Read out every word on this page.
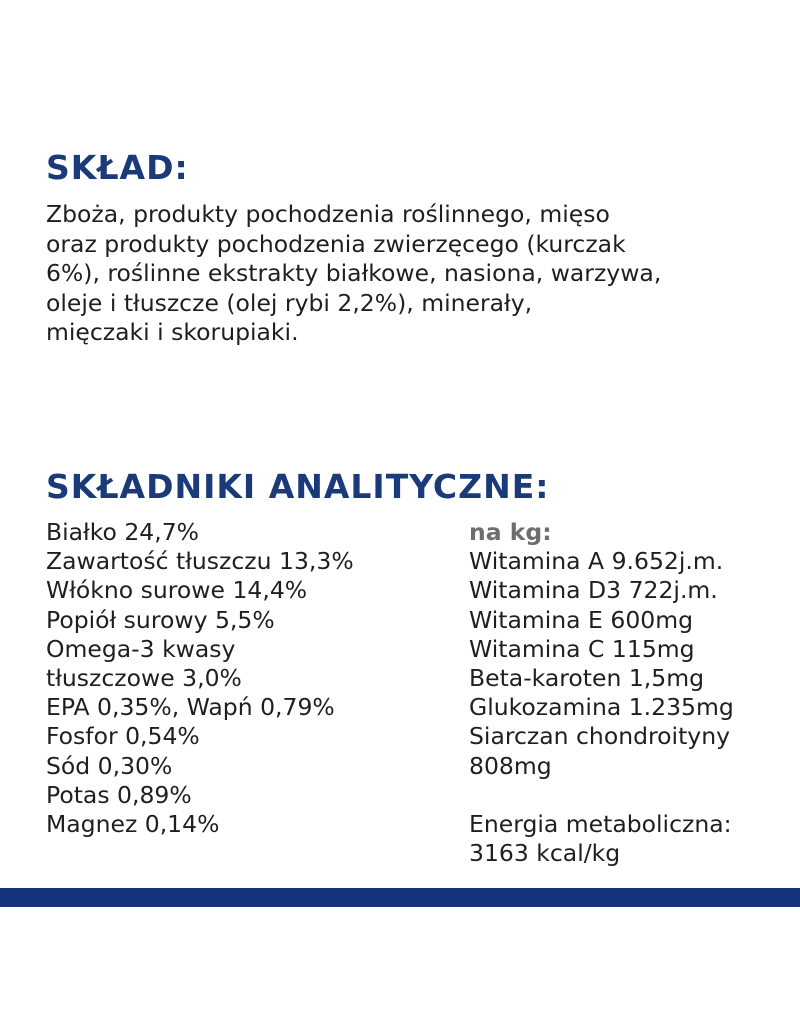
SKŁAD:
Zboża, produkty pochodzenia roślinnego, mięso
oraz produkty pochodzenia zwierzęcego (kurczak
6%), roślinne ekstrakty białkowe, nasiona, warzywa,
oleje i tłuszcze (olej rybi 2,2%), minerały,
mięczaki i skorupiaki.
SKŁADNIKI ANALITYCZNE:
Białko 24,7%
Zawartość tłuszczu 13,3%
Włókno surowe 14,4%
Popiół surowy 5,5%
Omega-3 kwasy
tłuszczowe 3,0%
EPA 0,35%, Wapń 0,79%
Fosfor 0,54%
Sód 0,30%
Potas 0,89%
Magnez 0,14%
na kg:
Witamina A 9.652j.m.
Witamina D3 722j.m.
Witamina E 600mg
Witamina C 115mg
Beta-karoten 1,5mg
Glukozamina 1.235mg
Siarczan chondroityny
808mg
Energia metaboliczna:
3163 kcal/kg
